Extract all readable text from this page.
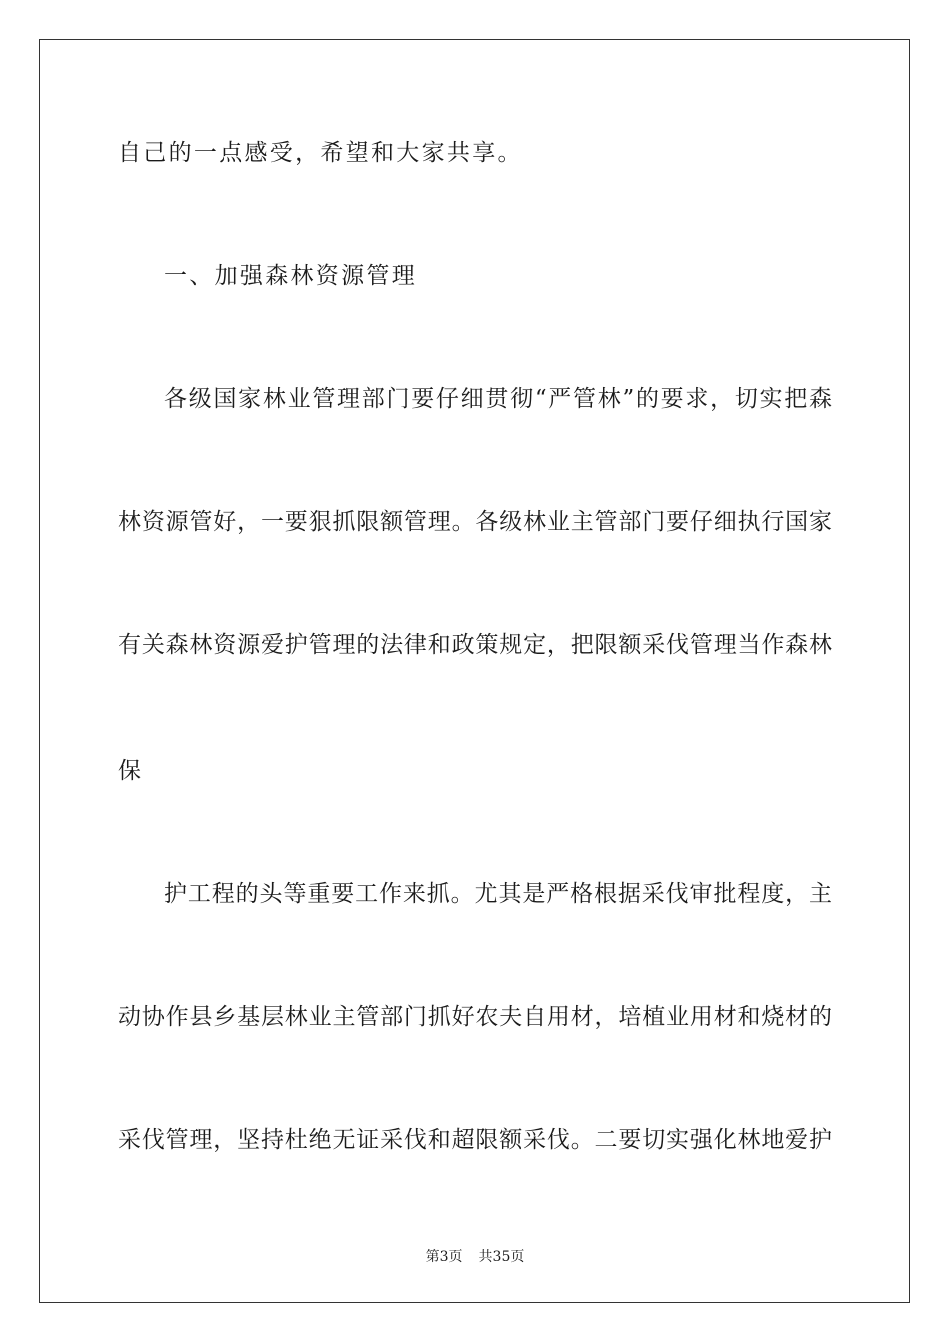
自己的一点感受，希望和大家共享。
一、加强森林资源管理
各级国家林业管理部门要仔细贯彻“严管林”的要求，切实把森
林资源管好，一要狠抓限额管理。各级林业主管部门要仔细执行国家
有关森林资源爱护管理的法律和政策规定，把限额采伐管理当作森林
保
护工程的头等重要工作来抓。尤其是严格根据采伐审批程度，主
动协作县乡基层林业主管部门抓好农夫自用材，培植业用材和烧材的
采伐管理，坚持杜绝无证采伐和超限额采伐。二要切实强化林地爱护
第3页 共35页
